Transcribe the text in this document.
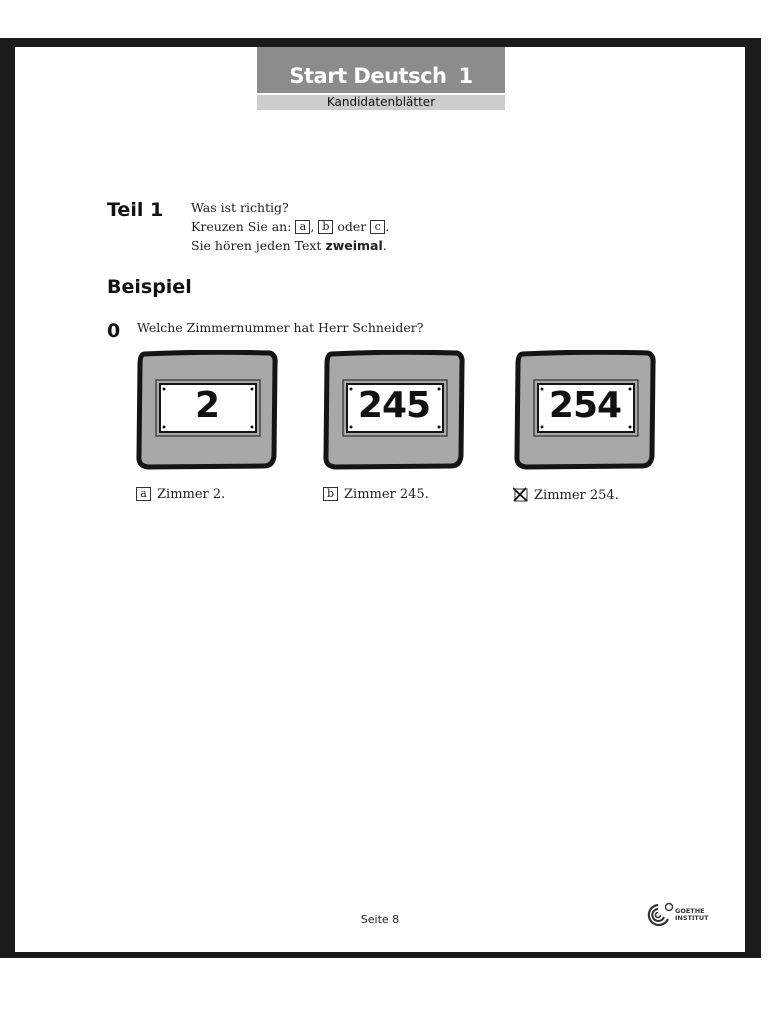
Start Deutsch 1
Kandidatenblätter
Teil 1 Was ist richtig?
Kreuzen Sie an: a , b oder c .
Sie hören jeden Text zweimal.
Beispiel
0 Welche Zimmernummer hat Herr Schneider?
2	245	254
a Zimmer 2.	b Zimmer 245.	Zimmer 254.
Seite 8
GOETHE
INSTITUT
